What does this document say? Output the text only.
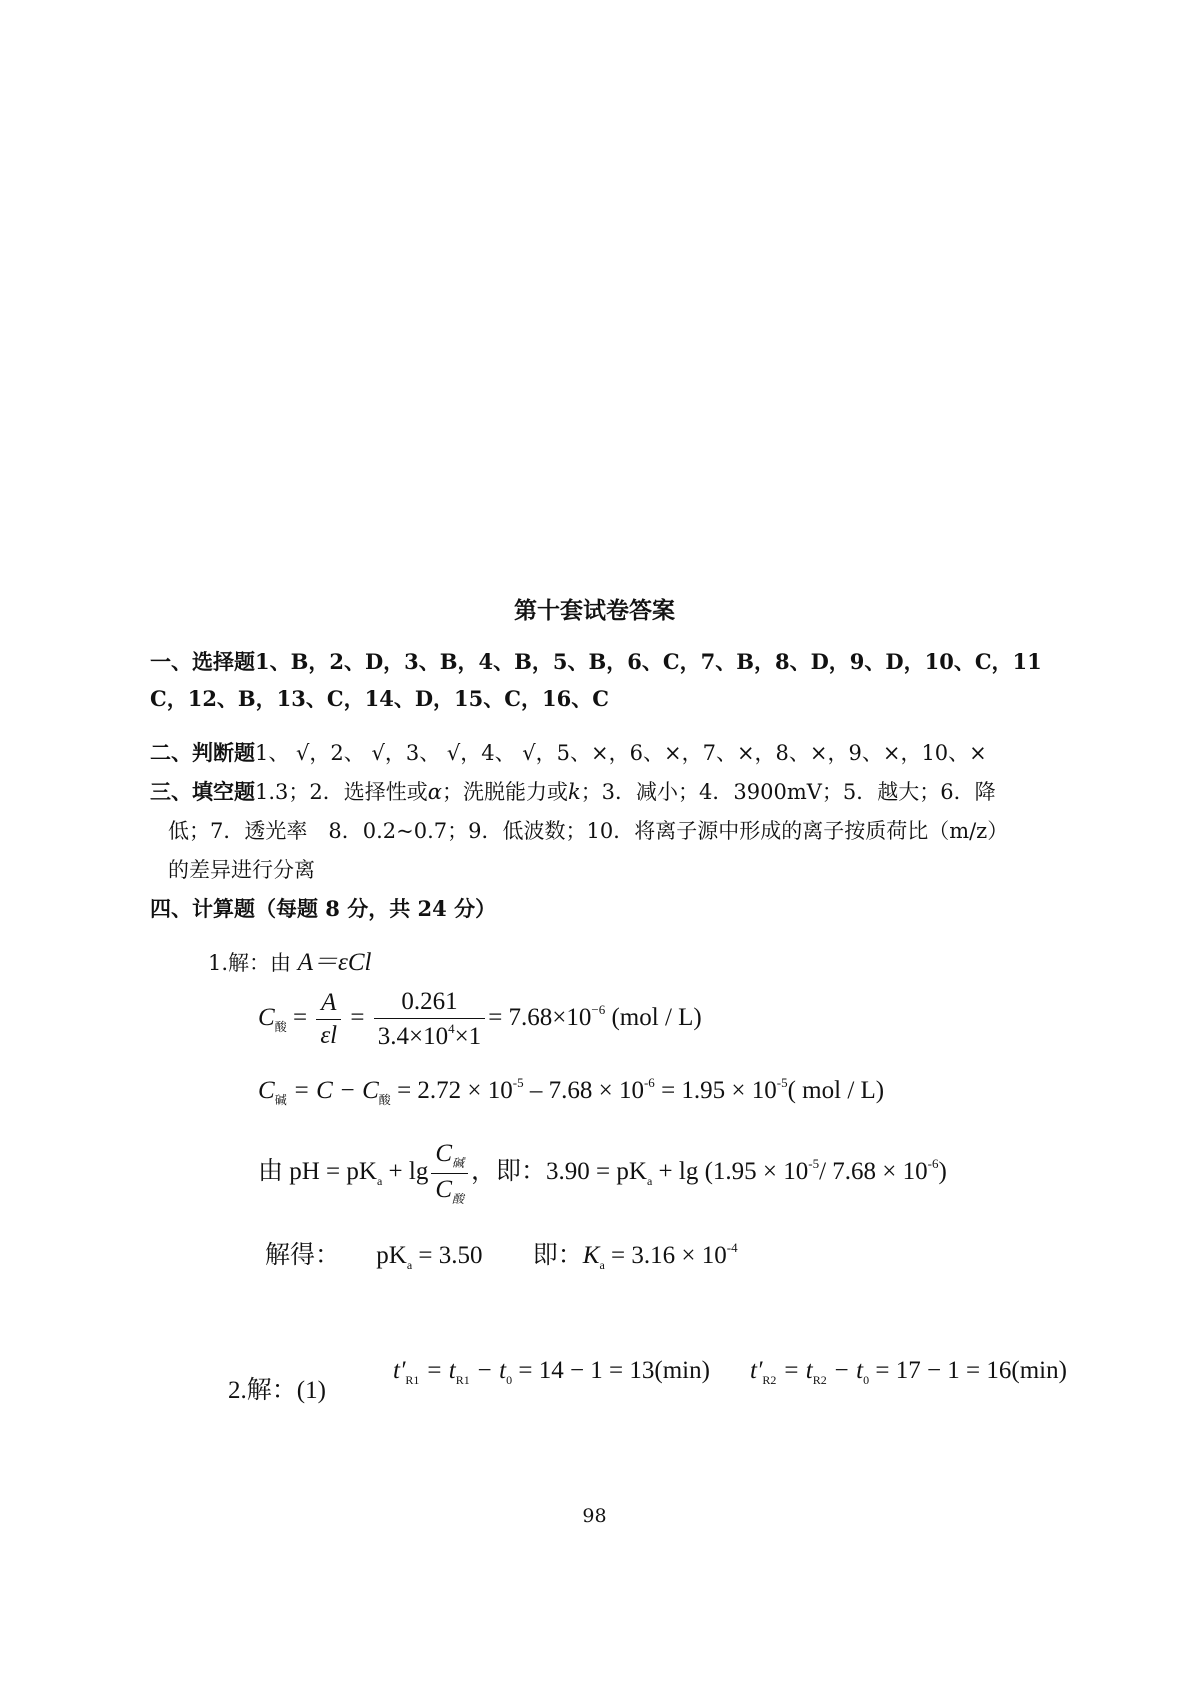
第十套试卷答案
一、选择题1、B，2、D，3、B，4、B，5、B，6、C，7、B，8、D，9、D，10、C，11
C，12、B，13、C，14、D，15、C，16、C
二、判断题1、 √，2、 √，3、 √，4、 √，5、×，6、×，7、×，8、×，9、×，10、×
三、填空题1.3；2．选择性或α；洗脱能力或k；3．减小；4．3900mV；5．越大；6．降
低；7．透光率　8．0.2~0.7；9．低波数；10．将离子源中形成的离子按质荷比（m/z）
的差异进行分离
四、计算题（每题 8 分，共 24 分）
1.解：由 A＝εCl
$C_酸 = \frac{A}{\varepsilon l} = \frac{0.261}{3.4\times 10^4\times 1} = 7.68\times 10^{-6}$ (mol / L)
$C_碱 = C - C_酸 = 2.72 \times 10^{-5} - 7.68 \times 10^{-6} = 1.95 \times 10^{-5}$( mol / L)
由 pH = $pK_a + \lg \frac{C_碱}{C_酸}$ ，即：$3.90 = pK_a + \lg (1.95 \times 10^{-5}/$ $7.68 \times 10^{-6}$)
解得： $pK_a = 3.50$ 即：$K_a = 3.16 \times 10^{-4}$
2.解：(1)
$t'_{R1} = t_{R1} - t_0 = 14 - 1 = 13(\min) t'_{R2} = t_{R2} - t_0 = 17 - 1 = 16(\min)$
98
